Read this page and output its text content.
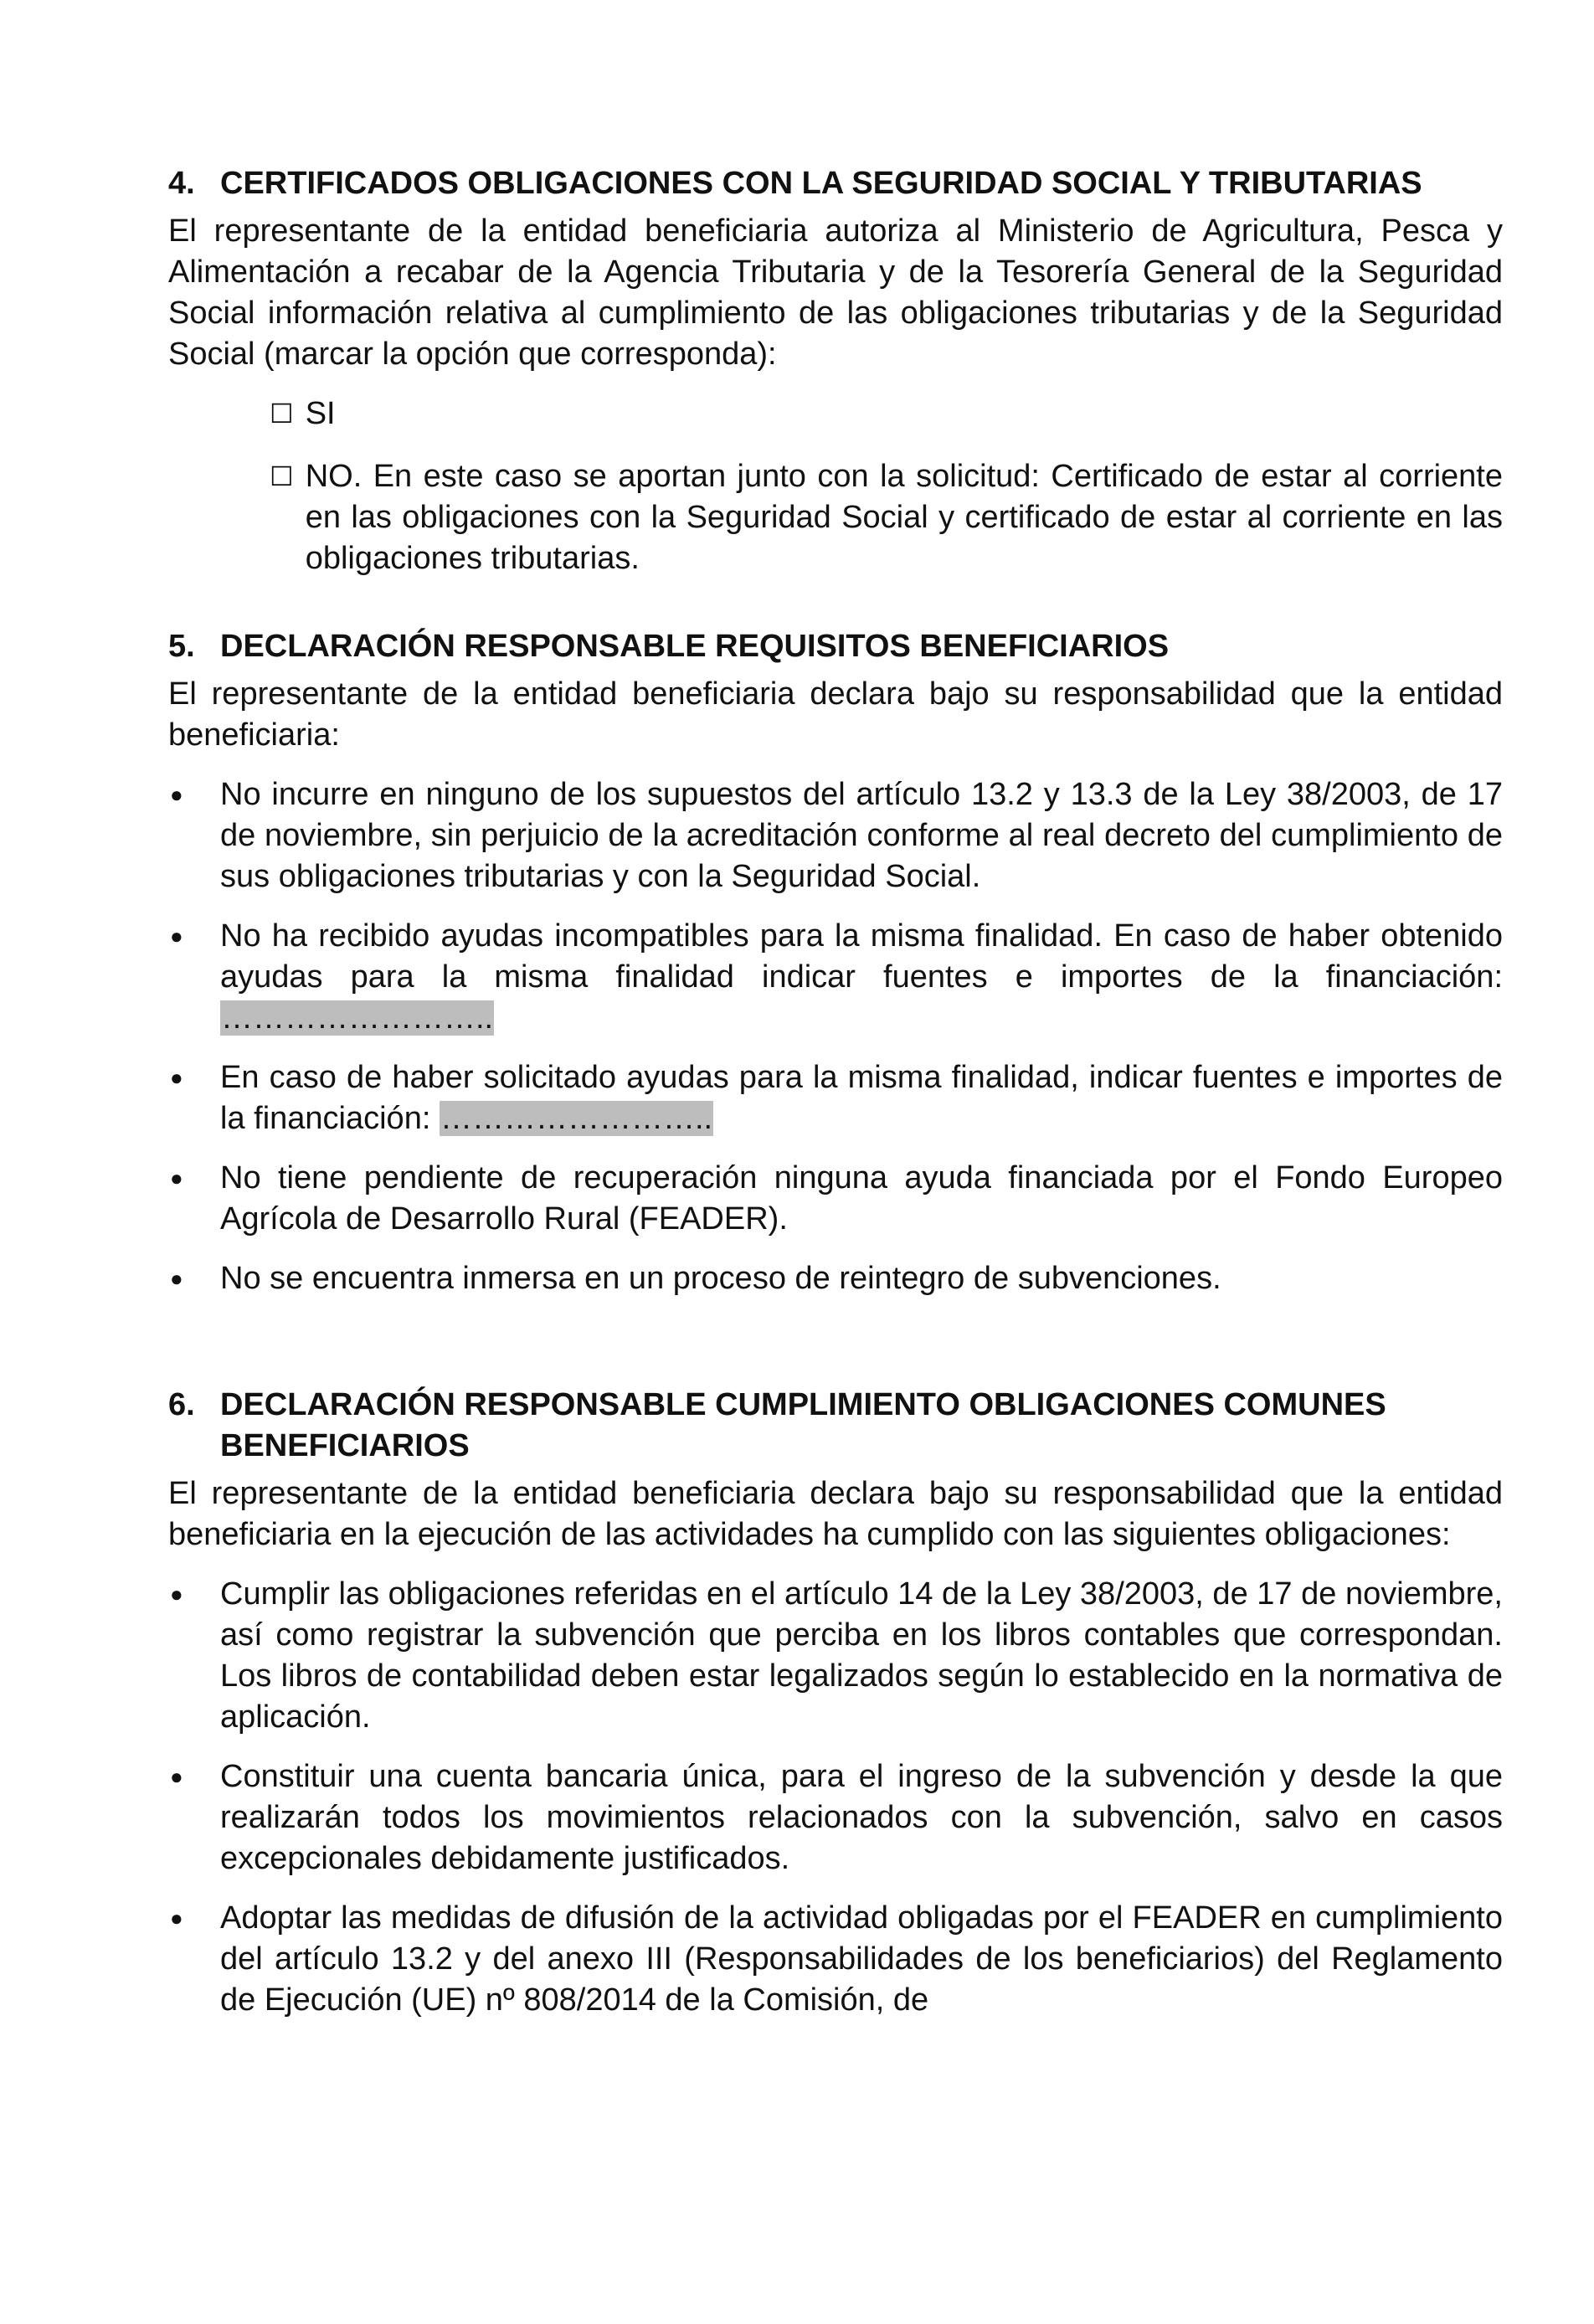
4. CERTIFICADOS OBLIGACIONES CON LA SEGURIDAD SOCIAL Y TRIBUTARIAS

El representante de la entidad beneficiaria autoriza al Ministerio de Agricultura, Pesca y Alimentación a recabar de la Agencia Tributaria y de la Tesorería General de la Seguridad Social información relativa al cumplimiento de las obligaciones tributarias y de la Seguridad Social (marcar la opción que corresponda):

☐ SI
☐ NO. En este caso se aportan junto con la solicitud: Certificado de estar al corriente en las obligaciones con la Seguridad Social y certificado de estar al corriente en las obligaciones tributarias.
5. DECLARACIÓN RESPONSABLE REQUISITOS BENEFICIARIOS

El representante de la entidad beneficiaria declara bajo su responsabilidad que la entidad beneficiaria:

●	No incurre en ninguno de los supuestos del artículo 13.2 y 13.3 de la Ley 38/2003, de 17 de noviembre, sin perjuicio de la acreditación conforme al real decreto del cumplimiento de sus obligaciones tributarias y con la Seguridad Social.
●	No ha recibido ayudas incompatibles para la misma finalidad. En caso de haber obtenido ayudas para la misma finalidad indicar fuentes e importes de la financiación: ……………………..
●	En caso de haber solicitado ayudas para la misma finalidad, indicar fuentes e importes de la financiación: ……………………..
●	No tiene pendiente de recuperación ninguna ayuda financiada por el Fondo Europeo Agrícola de Desarrollo Rural (FEADER).
●	No se encuentra inmersa en un proceso de reintegro de subvenciones.
6. DECLARACIÓN RESPONSABLE CUMPLIMIENTO OBLIGACIONES COMUNES BENEFICIARIOS

El representante de la entidad beneficiaria declara bajo su responsabilidad que la entidad beneficiaria en la ejecución de las actividades ha cumplido con las siguientes obligaciones:

●	Cumplir las obligaciones referidas en el artículo 14 de la Ley 38/2003, de 17 de noviembre, así como registrar la subvención que perciba en los libros contables que correspondan. Los libros de contabilidad deben estar legalizados según lo establecido en la normativa de aplicación.
●	Constituir una cuenta bancaria única, para el ingreso de la subvención y desde la que realizarán todos los movimientos relacionados con la subvención, salvo en casos excepcionales debidamente justificados.
●	Adoptar las medidas de difusión de la actividad obligadas por el FEADER en cumplimiento del artículo 13.2 y del anexo III (Responsabilidades de los beneficiarios) del Reglamento de Ejecución (UE) nº 808/2014 de la Comisión, de
